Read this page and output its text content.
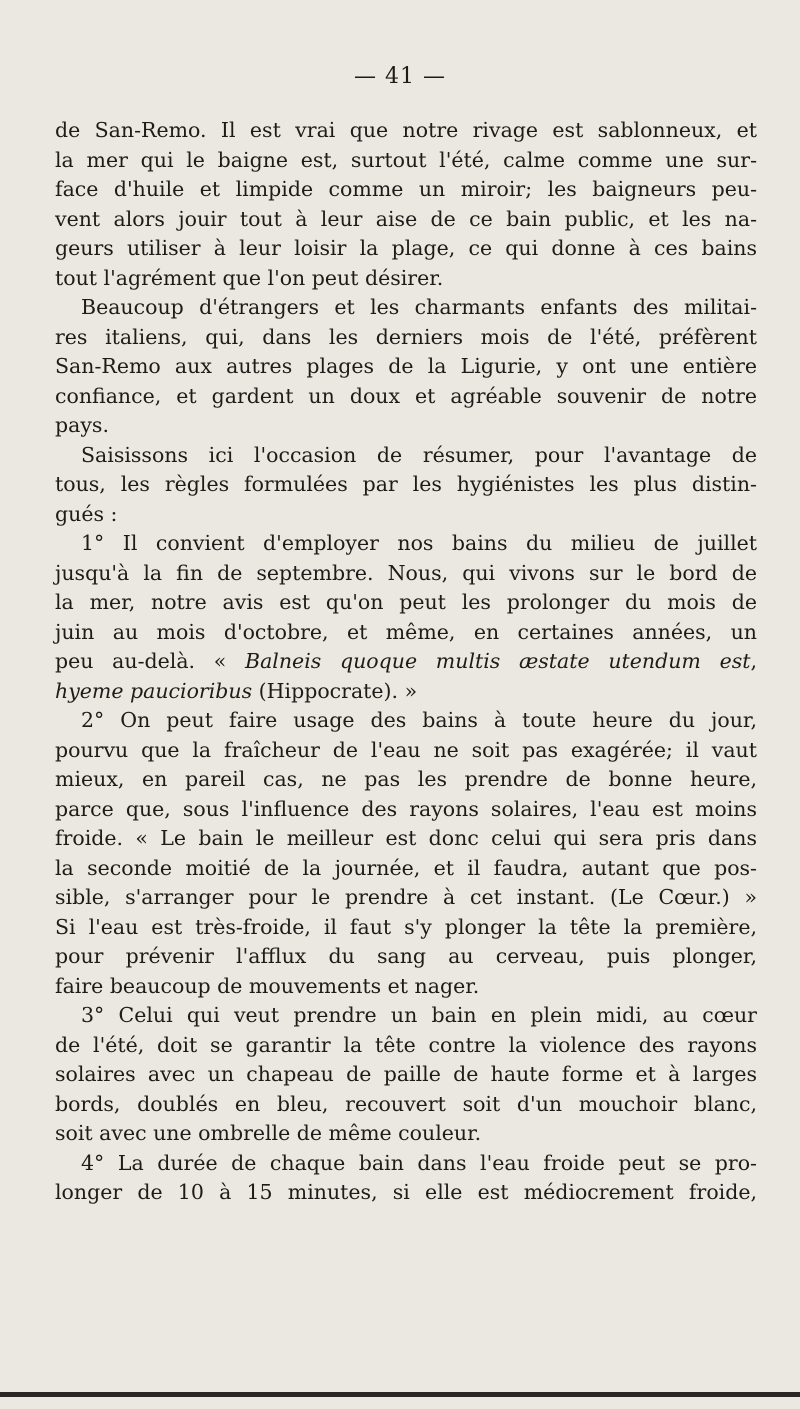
— 41 —
de San-Remo. Il est vrai que notre rivage est sablonneux, et
la mer qui le baigne est, surtout l'été, calme comme une sur-
face d'huile et limpide comme un miroir; les baigneurs peu-
vent alors jouir tout à leur aise de ce bain public, et les na-
geurs utiliser à leur loisir la plage, ce qui donne à ces bains
tout l'agrément que l'on peut désirer.
Beaucoup d'étrangers et les charmants enfants des militai-
res italiens, qui, dans les derniers mois de l'été, préfèrent
San-Remo aux autres plages de la Ligurie, y ont une entière
confiance, et gardent un doux et agréable souvenir de notre
pays.
Saisissons ici l'occasion de résumer, pour l'avantage de
tous, les règles formulées par les hygiénistes les plus distin-
gués :
1° Il convient d'employer nos bains du milieu de juillet
jusqu'à la fin de septembre. Nous, qui vivons sur le bord de
la mer, notre avis est qu'on peut les prolonger du mois de
juin au mois d'octobre, et même, en certaines années, un
peu au-delà. « Balneis quoque multis æstate utendum est,
hyeme paucioribus (Hippocrate). »
2° On peut faire usage des bains à toute heure du jour,
pourvu que la fraîcheur de l'eau ne soit pas exagérée; il vaut
mieux, en pareil cas, ne pas les prendre de bonne heure,
parce que, sous l'influence des rayons solaires, l'eau est moins
froide. « Le bain le meilleur est donc celui qui sera pris dans
la seconde moitié de la journée, et il faudra, autant que pos-
sible, s'arranger pour le prendre à cet instant. (Le Cœur.) »
Si l'eau est très-froide, il faut s'y plonger la tête la première,
pour prévenir l'afflux du sang au cerveau, puis plonger,
faire beaucoup de mouvements et nager.
3° Celui qui veut prendre un bain en plein midi, au cœur
de l'été, doit se garantir la tête contre la violence des rayons
solaires avec un chapeau de paille de haute forme et à larges
bords, doublés en bleu, recouvert soit d'un mouchoir blanc,
soit avec une ombrelle de même couleur.
4° La durée de chaque bain dans l'eau froide peut se pro-
longer de 10 à 15 minutes, si elle est médiocrement froide,
